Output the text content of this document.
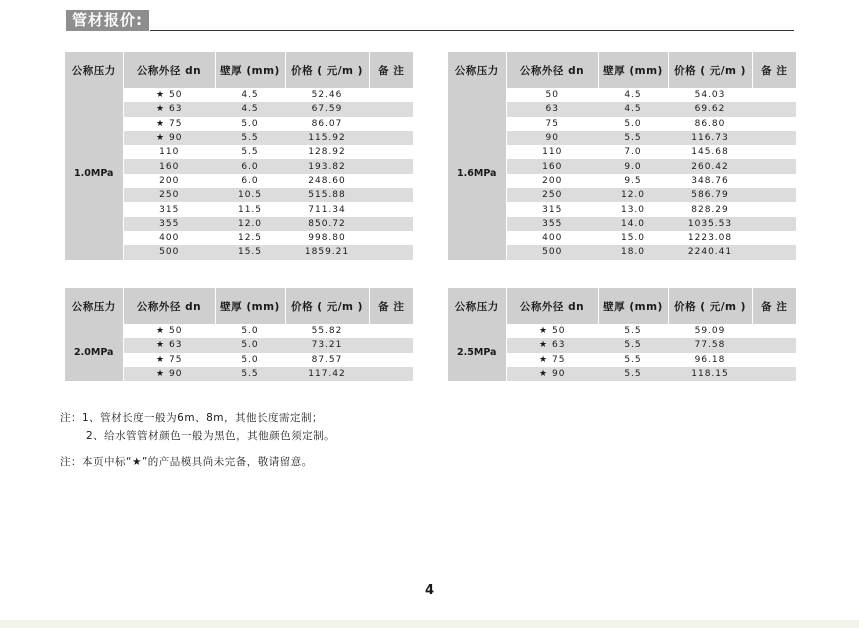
管材报价:
公称压力	公称外径 dn	壁厚 (mm)	价格 ( 元/m )	备 注
1.0MPa	★ 50	4.5	52.46	
	★ 63	4.5	67.59	
	★ 75	5.0	86.07	
	★ 90	5.5	115.92	
	110	5.5	128.92	
	160	6.0	193.82	
	200	6.0	248.60	
	250	10.5	515.88	
	315	11.5	711.34	
	355	12.0	850.72	
	400	12.5	998.80	
	500	15.5	1859.21	
公称压力	公称外径 dn	壁厚 (mm)	价格 ( 元/m )	备 注
1.6MPa	50	4.5	54.03	
	63	4.5	69.62	
	75	5.0	86.80	
	90	5.5	116.73	
	110	7.0	145.68	
	160	9.0	260.42	
	200	9.5	348.76	
	250	12.0	586.79	
	315	13.0	828.29	
	355	14.0	1035.53	
	400	15.0	1223.08	
	500	18.0	2240.41	
公称压力	公称外径 dn	壁厚 (mm)	价格 ( 元/m )	备 注
2.0MPa	★ 50	5.0	55.82	
	★ 63	5.0	73.21	
	★ 75	5.0	87.57	
	★ 90	5.5	117.42	
公称压力	公称外径 dn	壁厚 (mm)	价格 ( 元/m )	备 注
2.5MPa	★ 50	5.5	59.09	
	★ 63	5.5	77.58	
	★ 75	5.5	96.18	
	★ 90	5.5	118.15	
注：1、管材长度一般为6m、8m，其他长度需定制；
2、给水管管材颜色一般为黑色，其他颜色须定制。
注：本页中标“★”的产品模具尚未完备，敬请留意。
4
